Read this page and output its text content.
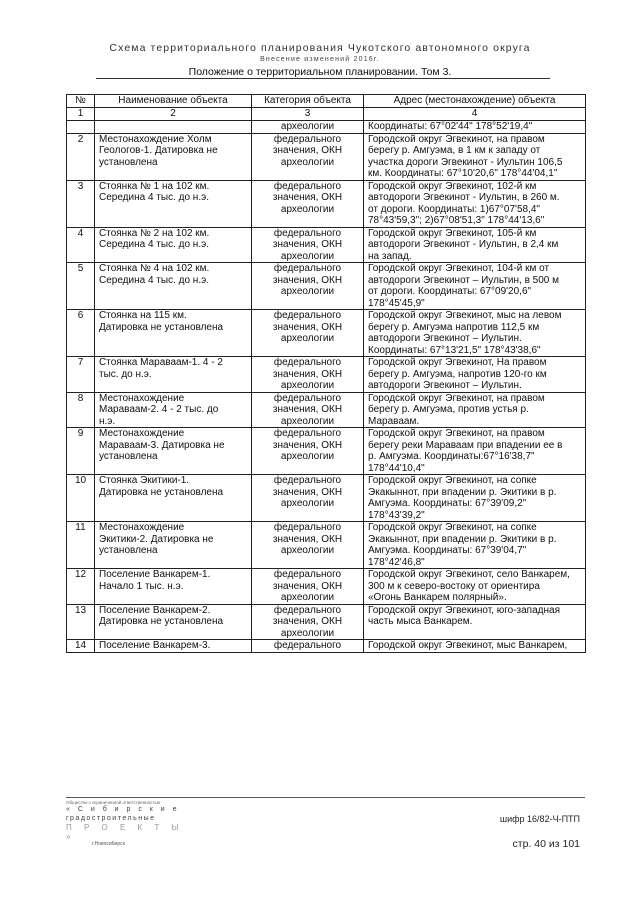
Схема территориального планирования Чукотского автономного округа
Внесение изменений 2016г.
Положение о территориальном планировании. Том 3.
№	Наименование объекта	Категория объекта	Адрес (местонахождение) объекта
1	2	3	4

		археологии	Координаты: 67°02'44" 178°52'19,4"

2	Местонахождение Холм
Геологов-1. Датировка не
установлена	федерального
значения, ОКН
археологии	Городской округ Эгвекинот, на правом
берегу р. Амгуэма, в 1 км к западу от
участка дороги Эгвекинот - Иультин 106,5
км. Координаты: 67°10'20,6" 178°44'04,1"

3	Стоянка № 1 на 102 км.
Середина 4 тыс. до н.э.	федерального
значения, ОКН
археологии	Городской округ Эгвекинот, 102-й км
автодороги Эгвекинот - Иультин, в 260 м.
от дороги. Координаты: 1)67°07'58,4"
78°43'59,3"; 2)67°08'51,3" 178°44'13,6"

4	Стоянка № 2 на 102 км.
Середина 4 тыс. до н.э.	федерального
значения, ОКН
археологии	Городской округ Эгвекинот, 105-й км
автодороги Эгвекинот - Иультин, в 2,4 км
на запад.

5	Стоянка № 4 на 102 км.
Середина 4 тыс. до н.э.	федерального
значения, ОКН
археологии	Городской округ Эгвекинот, 104-й км от
автодороги Эгвекинот – Иультин, в 500 м
от дороги. Координаты: 67°09'20,6"
178°45'45,9"

6	Стоянка на 115 км.
Датировка не установлена	федерального
значения, ОКН
археологии	Городской округ Эгвекинот, мыс на левом
берегу р. Амгуэма напротив 112,5 км
автодороги Эгвекинот – Иультин.
Координаты: 67°13'21,5" 178°43'38,6"

7	Стоянка Мараваам-1. 4 - 2
тыс. до н.э.	федерального
значения, ОКН
археологии	Городской округ Эгвекинот, На правом
берегу р. Амгуэма, напротив 120-го км
автодороги Эгвекинот – Иультин.

8	Местонахождение
Мараваам-2. 4 - 2 тыс. до
н.э.	федерального
значения, ОКН
археологии	Городской округ Эгвекинот, на правом
берегу р. Амгуэма, против устья р.
Мараваам.

9	Местонахождение
Мараваам-3. Датировка не
установлена	федерального
значения, ОКН
археологии	Городской округ Эгвекинот, на правом
берегу реки Мараваам при впадении ее в
р. Амгуэма. Координаты:67°16'38,7"
178°44'10,4"

10	Стоянка Экитики-1.
Датировка не установлена	федерального
значения, ОКН
археологии	Городской округ Эгвекинот, на сопке
Экакыннот, при впадении р. Экитики в р.
Амгуэма. Координаты: 67°39'09,2"
178°43'39,2"

11	Местонахождение
Экитики-2. Датировка не
установлена	федерального
значения, ОКН
археологии	Городской округ Эгвекинот, на сопке
Экакыннот, при впадении р. Экитики в р.
Амгуэма. Координаты: 67°39'04,7"
178°42'46,8"

12	Поселение Ванкарем-1.
Начало 1 тыс. н.э.	федерального
значения, ОКН
археологии	Городской округ Эгвекинот, село Ванкарем,
300 м к северо-востоку от ориентира
«Огонь Ванкарем полярный».

13	Поселение Ванкарем-2.
Датировка не установлена	федерального
значения, ОКН
археологии	Городской округ Эгвекинот, юго-западная
часть мыса Ванкарем.

14	Поселение Ванкарем-3.	федерального	Городской округ Эгвекинот, мыс Ванкарем,
Общество с ограниченной ответственностью
« С и б и р с к и е
градостроительные
П Р О Е К Т Ы »
г.Новосибирск
шифр 16/82-Ч-ПТП
стр. 40 из 101
